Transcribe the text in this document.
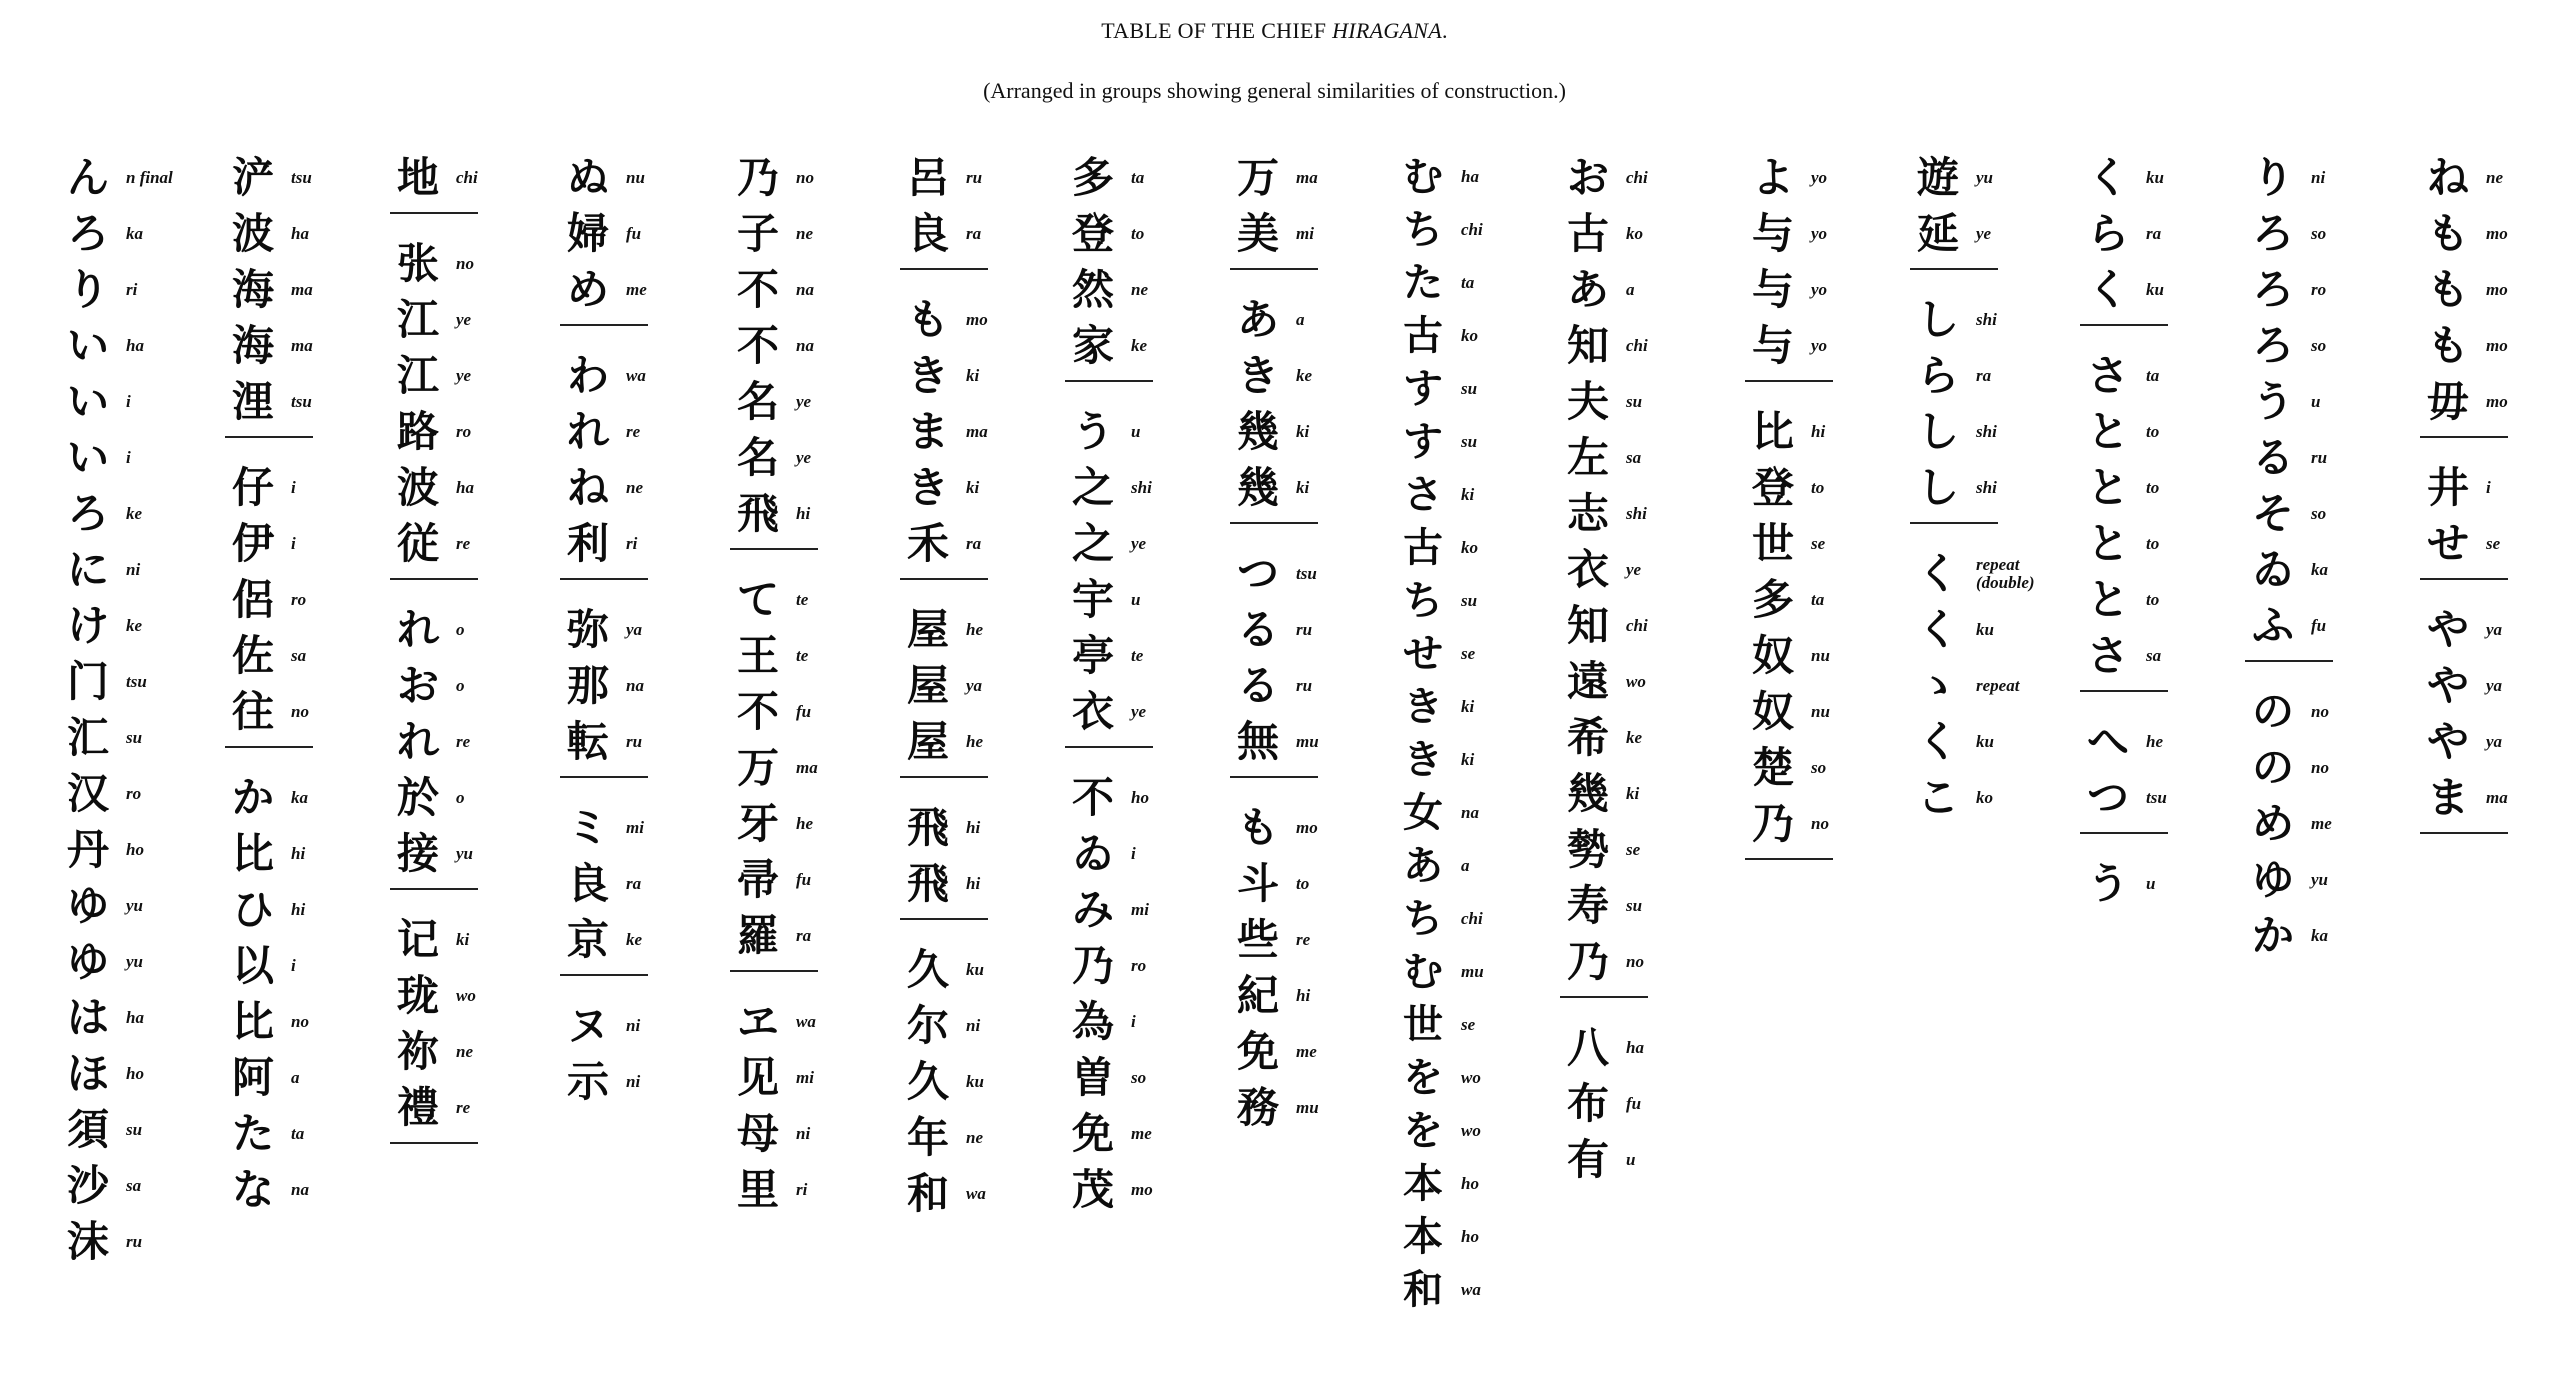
TABLE OF THE CHIEF HIRAGANA.
(Arranged in groups showing general similarities of construction.)
ん	n final
ろ	ka
り	ri
い	ha
い	i
い	i
ろ	ke
に	ni
け	ke
门	tsu
汇	su
汉	ro
丹	ho
ゆ	yu
ゆ	yu
は	ha
ほ	ho
須	su
沙	sa
沫	ru
浐	tsu
波	ha
海	ma
海	ma
浬	tsu
仔	i
伊	i
侶	ro
佐	sa
往	no
か	ka
比	hi
ひ	hi
以	i
比	no
阿	a
た	ta
な	na
地	chi
张	no
江	ye
江	ye
路	ro
波	ha
従	re
れ	o
お	o
れ	re
於	o
接	yu
记	ki
珑	wo
祢	ne
禮	re
ぬ	nu
婦	fu
め	me
わ	wa
れ	re
ね	ne
利	ri
弥	ya
那	na
転	ru
ミ	mi
良	ra
京	ke
ヌ	ni
示	ni
乃	no
子	ne
不	na
不	na
名	ye
名	ye
飛	hi
て	te
王	te
不	fu
万	ma
牙	he
帚	fu
羅	ra
ヱ	wa
见	mi
母	ni
里	ri
呂	ru
良	ra
も	mo
き	ki
ま	ma
き	ki
禾	ra
屋	he
屋	ya
屋	he
飛	hi
飛	hi
久	ku
尔	ni
久	ku
年	ne
和	wa
多	ta
登	to
然	ne
家	ke
う	u
之	shi
之	ye
宇	u
亭	te
衣	ye
不	ho
ゐ	i
み	mi
乃	ro
為	i
曽	so
免	me
茂	mo
万	ma
美	mi
あ	a
き	ke
幾	ki
幾	ki
つ	tsu
る	ru
る	ru
無	mu
も	mo
斗	to
些	re
紀	hi
免	me
務	mu
む	ha
ち	chi
た	ta
古	ko
す	su
す	su
さ	ki
古	ko
ち	su
せ	se
き	ki
き	ki
女	na
あ	a
ち	chi
む	mu
世	se
を	wo
を	wo
本	ho
本	ho
和	wa
お	chi
古	ko
あ	a
知	chi
夫	su
左	sa
志	shi
衣	ye
知	chi
遠	wo
希	ke
幾	ki
勢	se
寿	su
乃	no
八	ha
布	fu
有	u
よ	yo
与	yo
与	yo
与	yo
比	hi
登	to
世	se
多	ta
奴	nu
奴	nu
楚	so
乃	no
遊	yu
延	ye
し	shi
ら	ra
し	shi
し	shi
く	repeat
(double)
く	ku
ゝ	repeat
く	ku
こ	ko
く	ku
ら	ra
く	ku
さ	ta
と	to
と	to
と	to
と	to
さ	sa
へ	he
つ	tsu
う	u
り	ni
ろ	so
ろ	ro
ろ	so
う	u
る	ru
そ	so
ゐ	ka
ふ	fu
の	no
の	no
め	me
ゆ	yu
か	ka
ね	ne
も	mo
も	mo
も	mo
毋	mo
井	i
せ	se
や	ya
や	ya
や	ya
ま	ma
